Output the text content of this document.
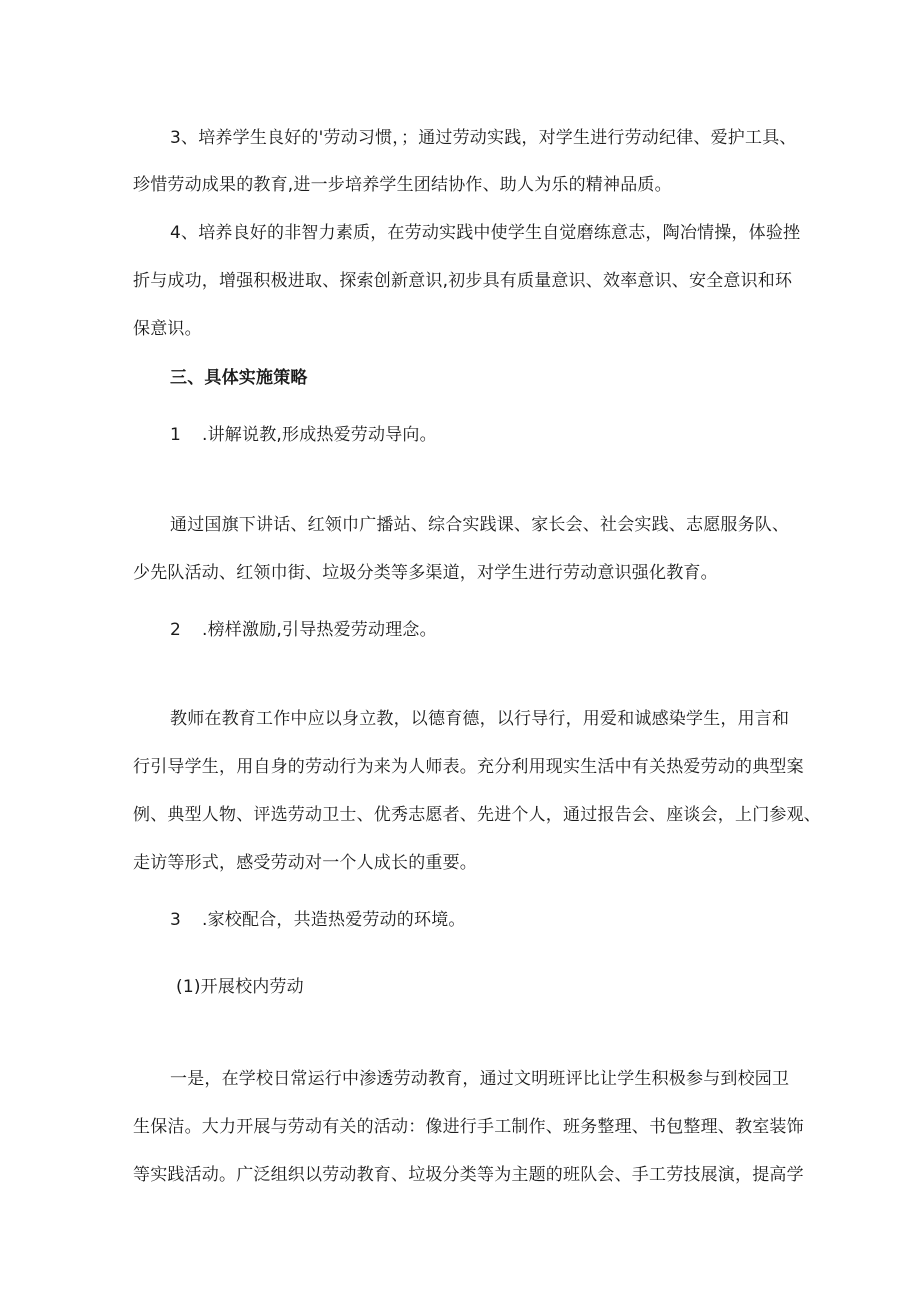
3、培养学生良好的'劳动习惯，；通过劳动实践，对学生进行劳动纪律、爱护工具、
珍惜劳动成果的教育,进一步培养学生团结协作、助人为乐的精神品质。
4、培养良好的非智力素质，在劳动实践中使学生自觉磨练意志，陶冶情操，体验挫
折与成功，增强积极进取、探索创新意识,初步具有质量意识、效率意识、安全意识和环
保意识。
三、具体实施策略
1 .讲解说教,形成热爱劳动导向。
通过国旗下讲话、红领巾广播站、综合实践课、家长会、社会实践、志愿服务队、
少先队活动、红领巾街、垃圾分类等多渠道，对学生进行劳动意识强化教育。
2 .榜样激励,引导热爱劳动理念。
教师在教育工作中应以身立教，以德育德，以行导行，用爱和诚感染学生，用言和
行引导学生，用自身的劳动行为来为人师表。充分利用现实生活中有关热爱劳动的典型案
例、典型人物、评选劳动卫士、优秀志愿者、先进个人，通过报告会、座谈会，上门参观、
走访等形式，感受劳动对一个人成长的重要。
3 .家校配合，共造热爱劳动的环境。
(1)开展校内劳动
一是，在学校日常运行中渗透劳动教育，通过文明班评比让学生积极参与到校园卫
生保洁。大力开展与劳动有关的活动：像进行手工制作、班务整理、书包整理、教室装饰
等实践活动。广泛组织以劳动教育、垃圾分类等为主题的班队会、手工劳技展演，提高学
